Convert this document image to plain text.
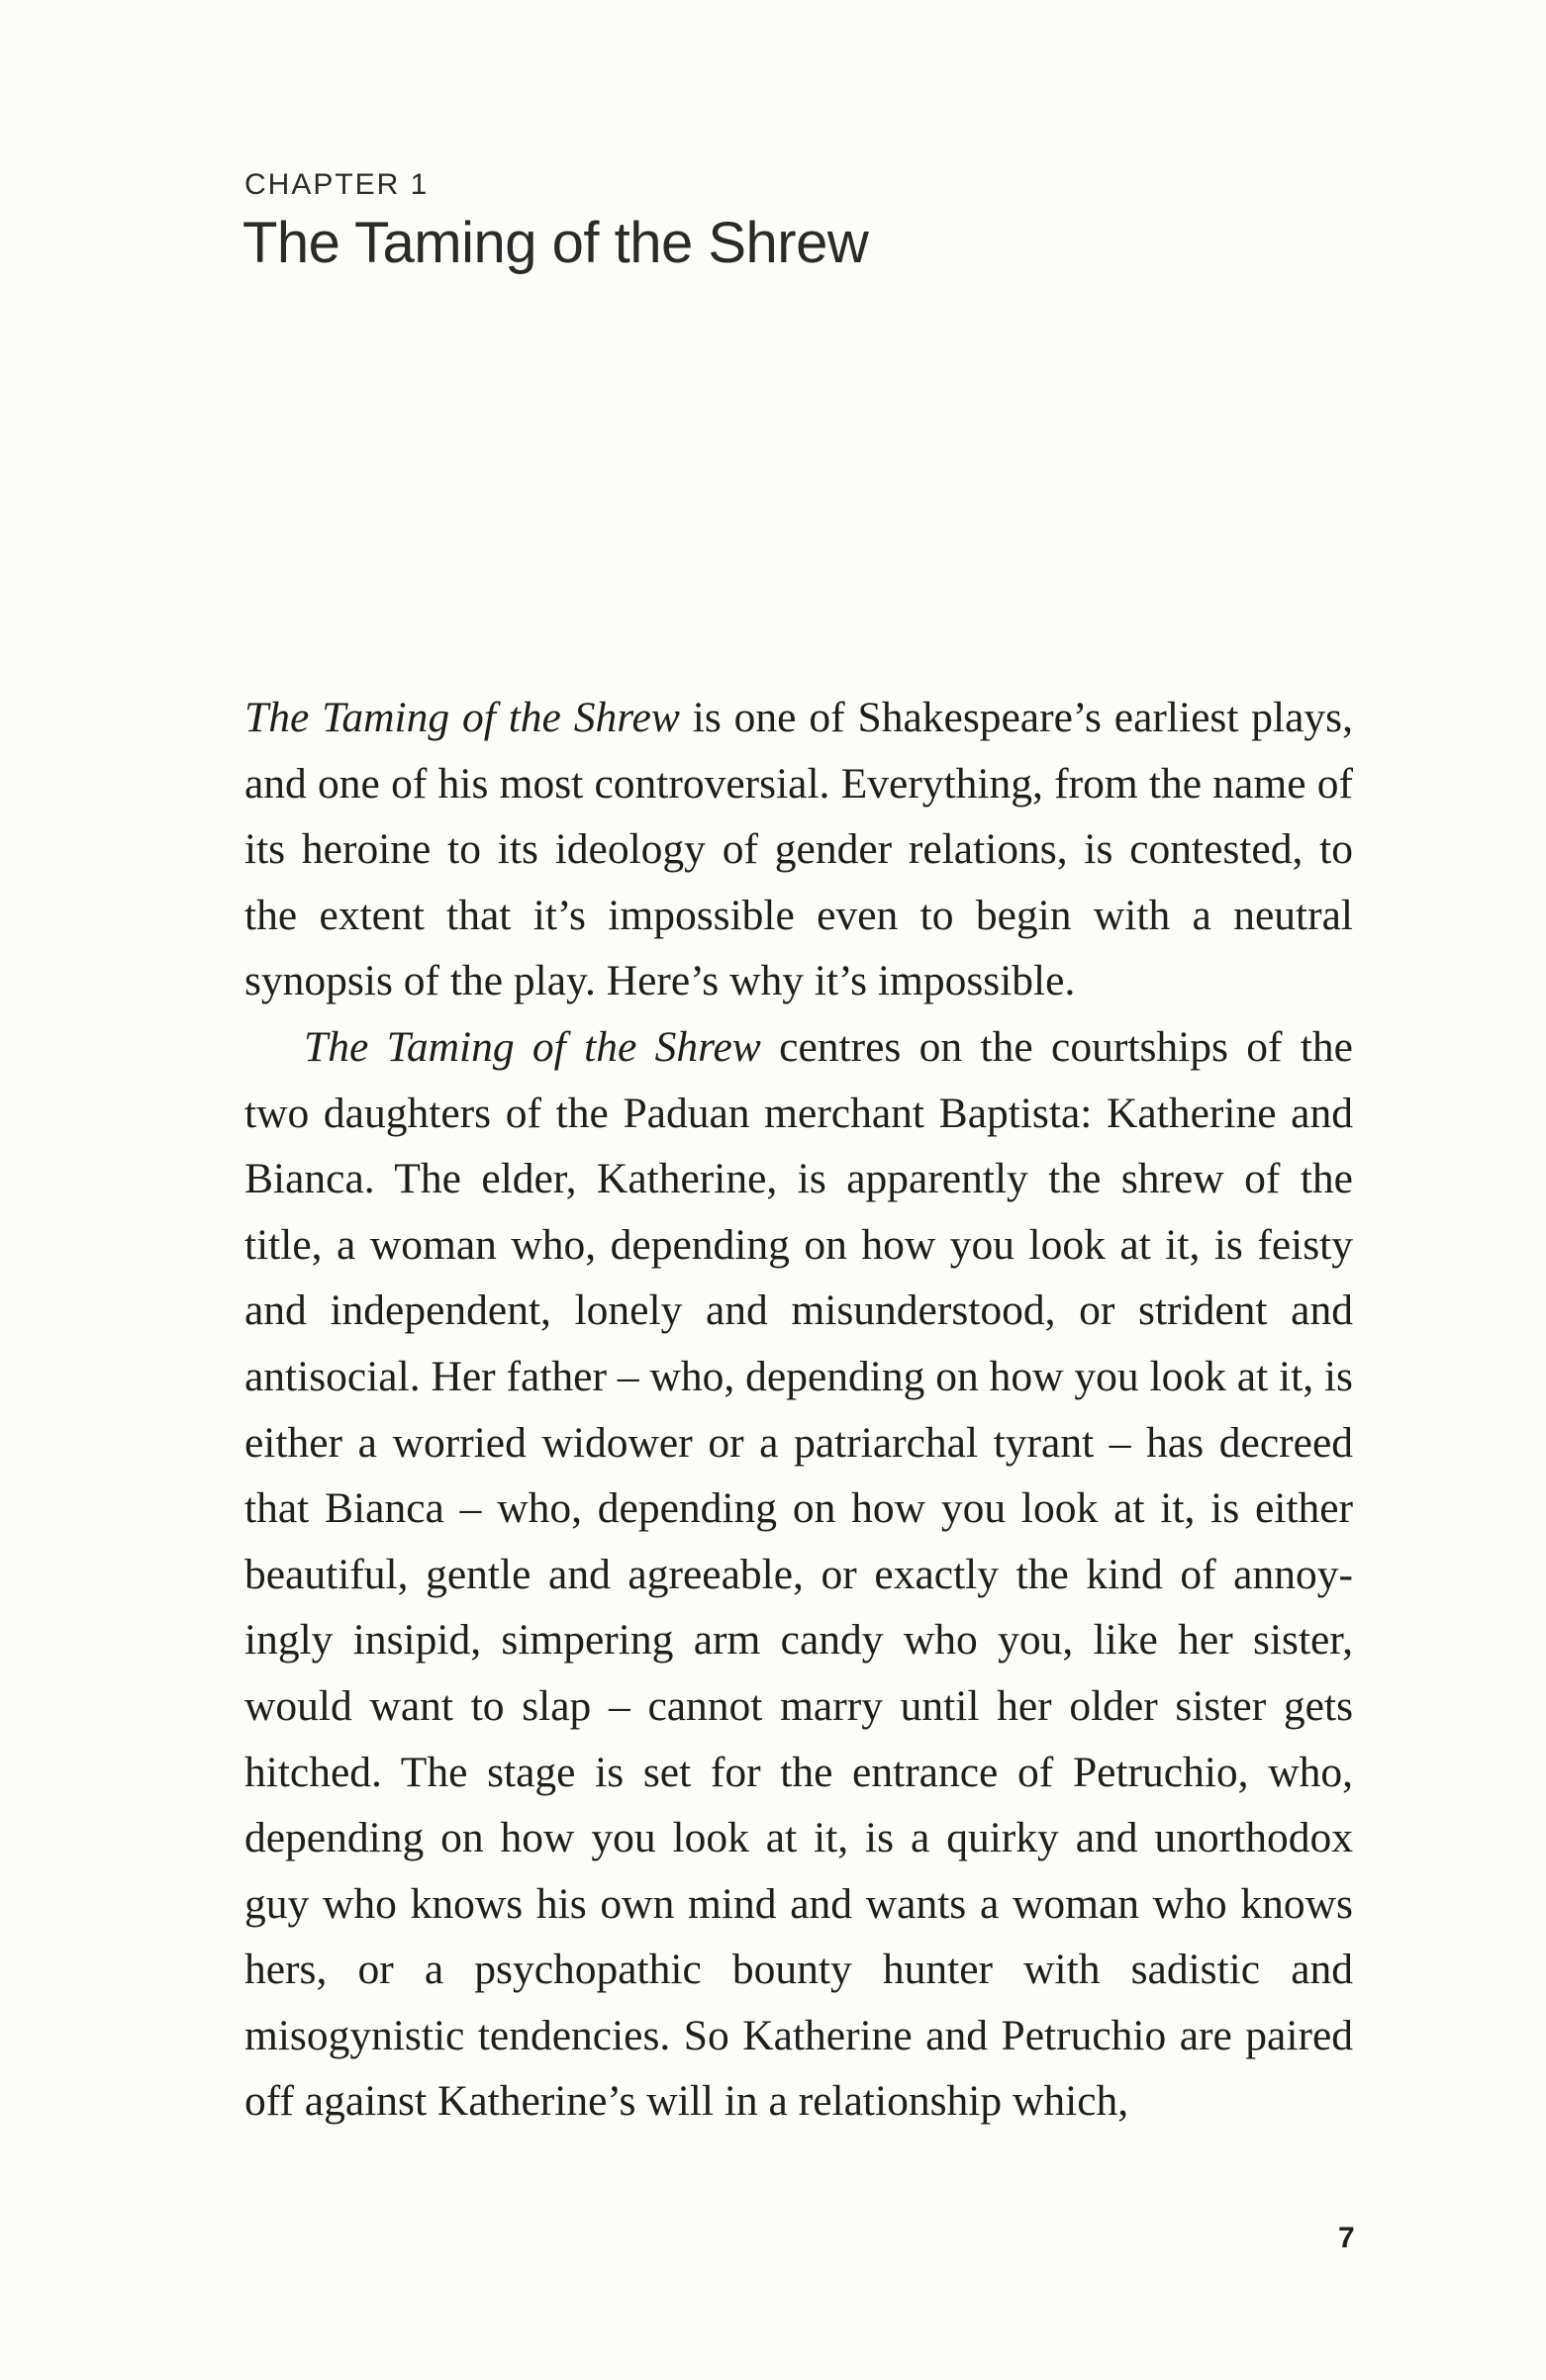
CHAPTER 1
The Taming of the Shrew

The Taming of the Shrew is one of Shakespeare’s earliest plays, and one of his most controversial. Everything, from the name of its heroine to its ideology of gender relations, is contested, to the extent that it’s impossible even to begin with a neutral synopsis of the play. Here’s why it’s impossible.

The Taming of the Shrew centres on the courtships of the two daughters of the Paduan merchant Baptista: Katherine and Bianca. The elder, Katherine, is apparently the shrew of the title, a woman who, depending on how you look at it, is feisty and independent, lonely and misunderstood, or strident and antisocial. Her father – who, depending on how you look at it, is either a worried widower or a patriarchal tyrant – has decreed that Bianca – who, depending on how you look at it, is either beautiful, gentle and agreeable, or exactly the kind of annoyingly insipid, simpering arm candy who you, like her sister, would want to slap – cannot marry until her older sister gets hitched. The stage is set for the entrance of Petruchio, who, depending on how you look at it, is a quirky and unorthodox guy who knows his own mind and wants a woman who knows hers, or a psychopathic bounty hunter with sadistic and misogynistic tendencies. So Katherine and Petruchio are paired off against Katherine’s will in a relationship which,

7
